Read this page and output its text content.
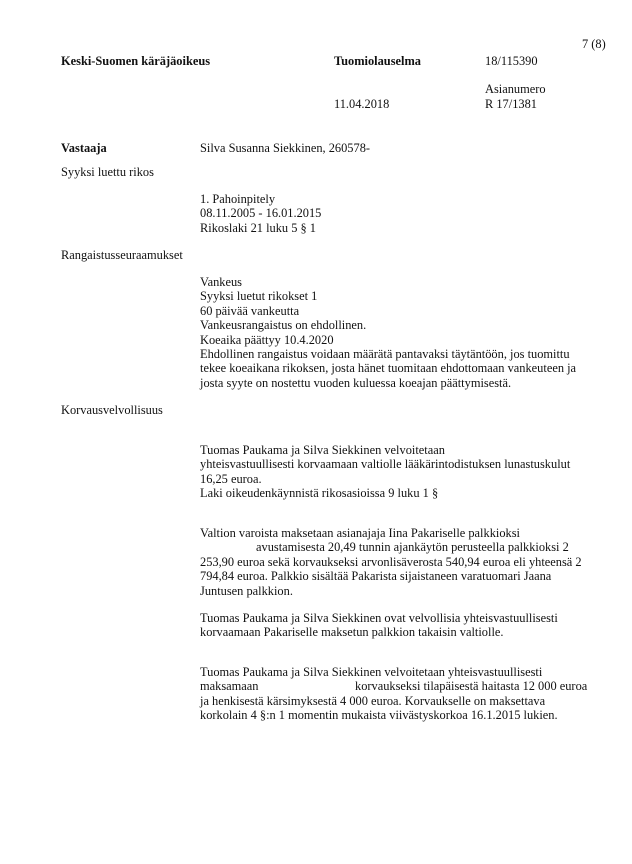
7 (8)
Keski-Suomen käräjäoikeus	Tuomiolauselma	18/115390
Asianumero
11.04.2018	R 17/1381
Vastaaja	Silva Susanna Siekkinen, 260578-
Syyksi luettu rikos
1. Pahoinpitely
08.11.2005 - 16.01.2015
Rikoslaki 21 luku 5 § 1
Rangaistusseuraamukset
Vankeus
Syyksi luetut rikokset 1
60 päivää vankeutta
Vankeusrangaistus on ehdollinen.
Koeaika päättyy 10.4.2020
Ehdollinen rangaistus voidaan määrätä pantavaksi täytäntöön, jos tuomittu
tekee koeaikana rikoksen, josta hänet tuomitaan ehdottomaan vankeuteen ja
josta syyte on nostettu vuoden kuluessa koeajan päättymisestä.
Korvausvelvollisuus
Tuomas Paukama ja Silva Siekkinen velvoitetaan
yhteisvastuullisesti korvaamaan valtiolle lääkärintodistuksen lunastuskulut
16,25 euroa.
Laki oikeudenkäynnistä rikosasioissa 9 luku 1 §
Valtion varoista maksetaan asianajaja Iina Pakariselle palkkioksi
avustamisesta 20,49 tunnin ajankäytön perusteella palkkioksi 2
253,90 euroa sekä korvaukseksi arvonlisäverosta 540,94 euroa eli yhteensä 2
794,84 euroa. Palkkio sisältää Pakarista sijaistaneen varatuomari Jaana
Juntusen palkkion.
Tuomas Paukama ja Silva Siekkinen ovat velvollisia yhteisvastuullisesti
korvaamaan Pakariselle maksetun palkkion takaisin valtiolle.
Tuomas Paukama ja Silva Siekkinen velvoitetaan yhteisvastuullisesti
maksamaan	korvaukseksi tilapäisestä haitasta 12 000 euroa
ja henkisestä kärsimyksestä 4 000 euroa. Korvaukselle on maksettava
korkolain 4 §:n 1 momentin mukaista viivästyskorkoa 16.1.2015 lukien.
